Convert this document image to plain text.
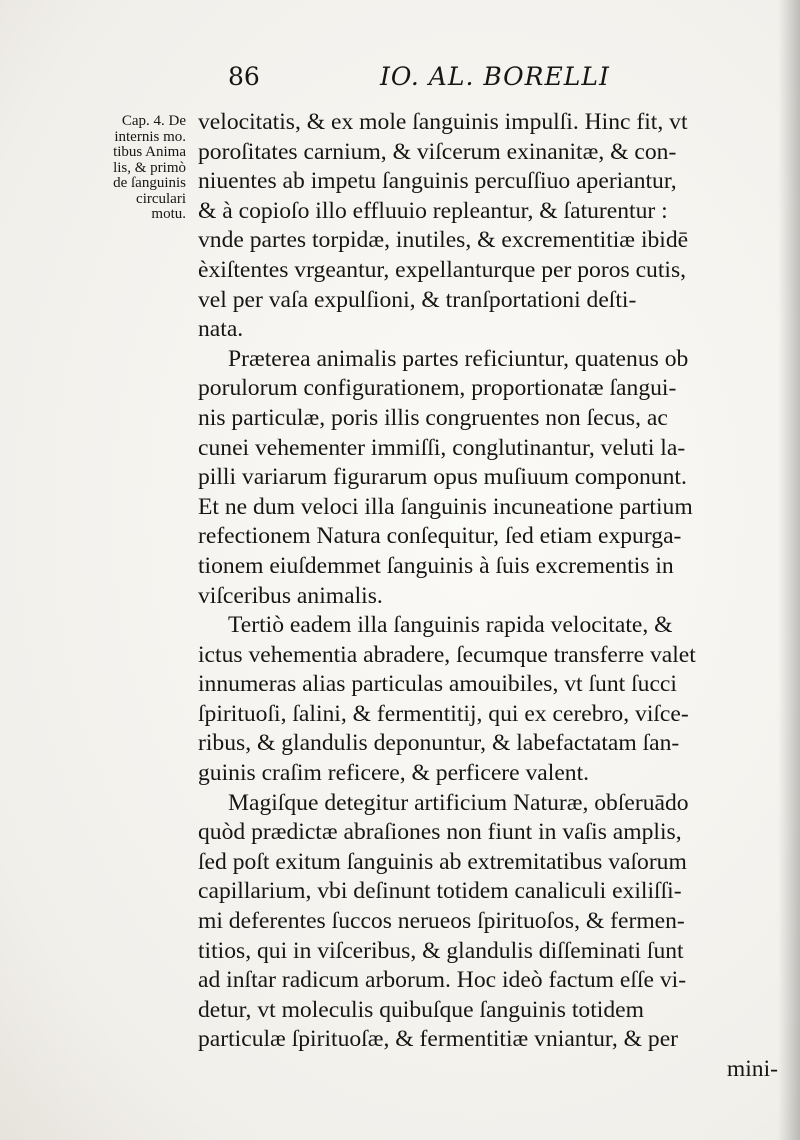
86	IO. AL. BORELLI
Cap. 4. De
internis mo.
tibus Anima
lis, & primò
de ſanguinis
circulari
motu.
velocitatis, & ex mole ſanguinis impulſi. Hinc fit, vt
poroſitates carnium, & viſcerum exinanitæ, & con-
niuentes ab impetu ſanguinis percuſſiuo aperiantur,
& à copioſo illo effluuio repleantur, & ſaturentur :
vnde partes torpidæ, inutiles, & excrementitiæ ibidē
èxiſtentes vrgeantur, expellanturque per poros cutis,
vel per vaſa expulſioni, & tranſportationi deſti-
nata.
Præterea animalis partes reficiuntur, quatenus ob
porulorum configurationem, proportionatæ ſangui-
nis particulæ, poris illis congruentes non ſecus, ac
cunei vehementer immiſſi, conglutinantur, veluti la-
pilli variarum figurarum opus muſiuum componunt.
Et ne dum veloci illa ſanguinis incuneatione partium
refectionem Natura conſequitur, ſed etiam expurga-
tionem eiuſdemmet ſanguinis à ſuis excrementis in
viſceribus animalis.
Tertiò eadem illa ſanguinis rapida velocitate, &
ictus vehementia abradere, ſecumque transferre valet
innumeras alias particulas amouibiles, vt ſunt ſucci
ſpirituoſi, ſalini, & fermentitij, qui ex cerebro, viſce-
ribus, & glandulis deponuntur, & labefactatam ſan-
guinis craſim reficere, & perficere valent.
Magiſque detegitur artificium Naturæ, obſeruādo
quòd prædictæ abraſiones non fiunt in vaſis amplis,
ſed poſt exitum ſanguinis ab extremitatibus vaſorum
capillarium, vbi deſinunt totidem canaliculi exiliſſi-
mi deferentes ſuccos nerueos ſpirituoſos, & fermen-
titios, qui in viſceribus, & glandulis diſſeminati ſunt
ad inſtar radicum arborum. Hoc ideò factum eſſe vi-
detur, vt moleculis quibuſque ſanguinis totidem
particulæ ſpirituoſæ, & fermentitiæ vniantur, & per
mini-
